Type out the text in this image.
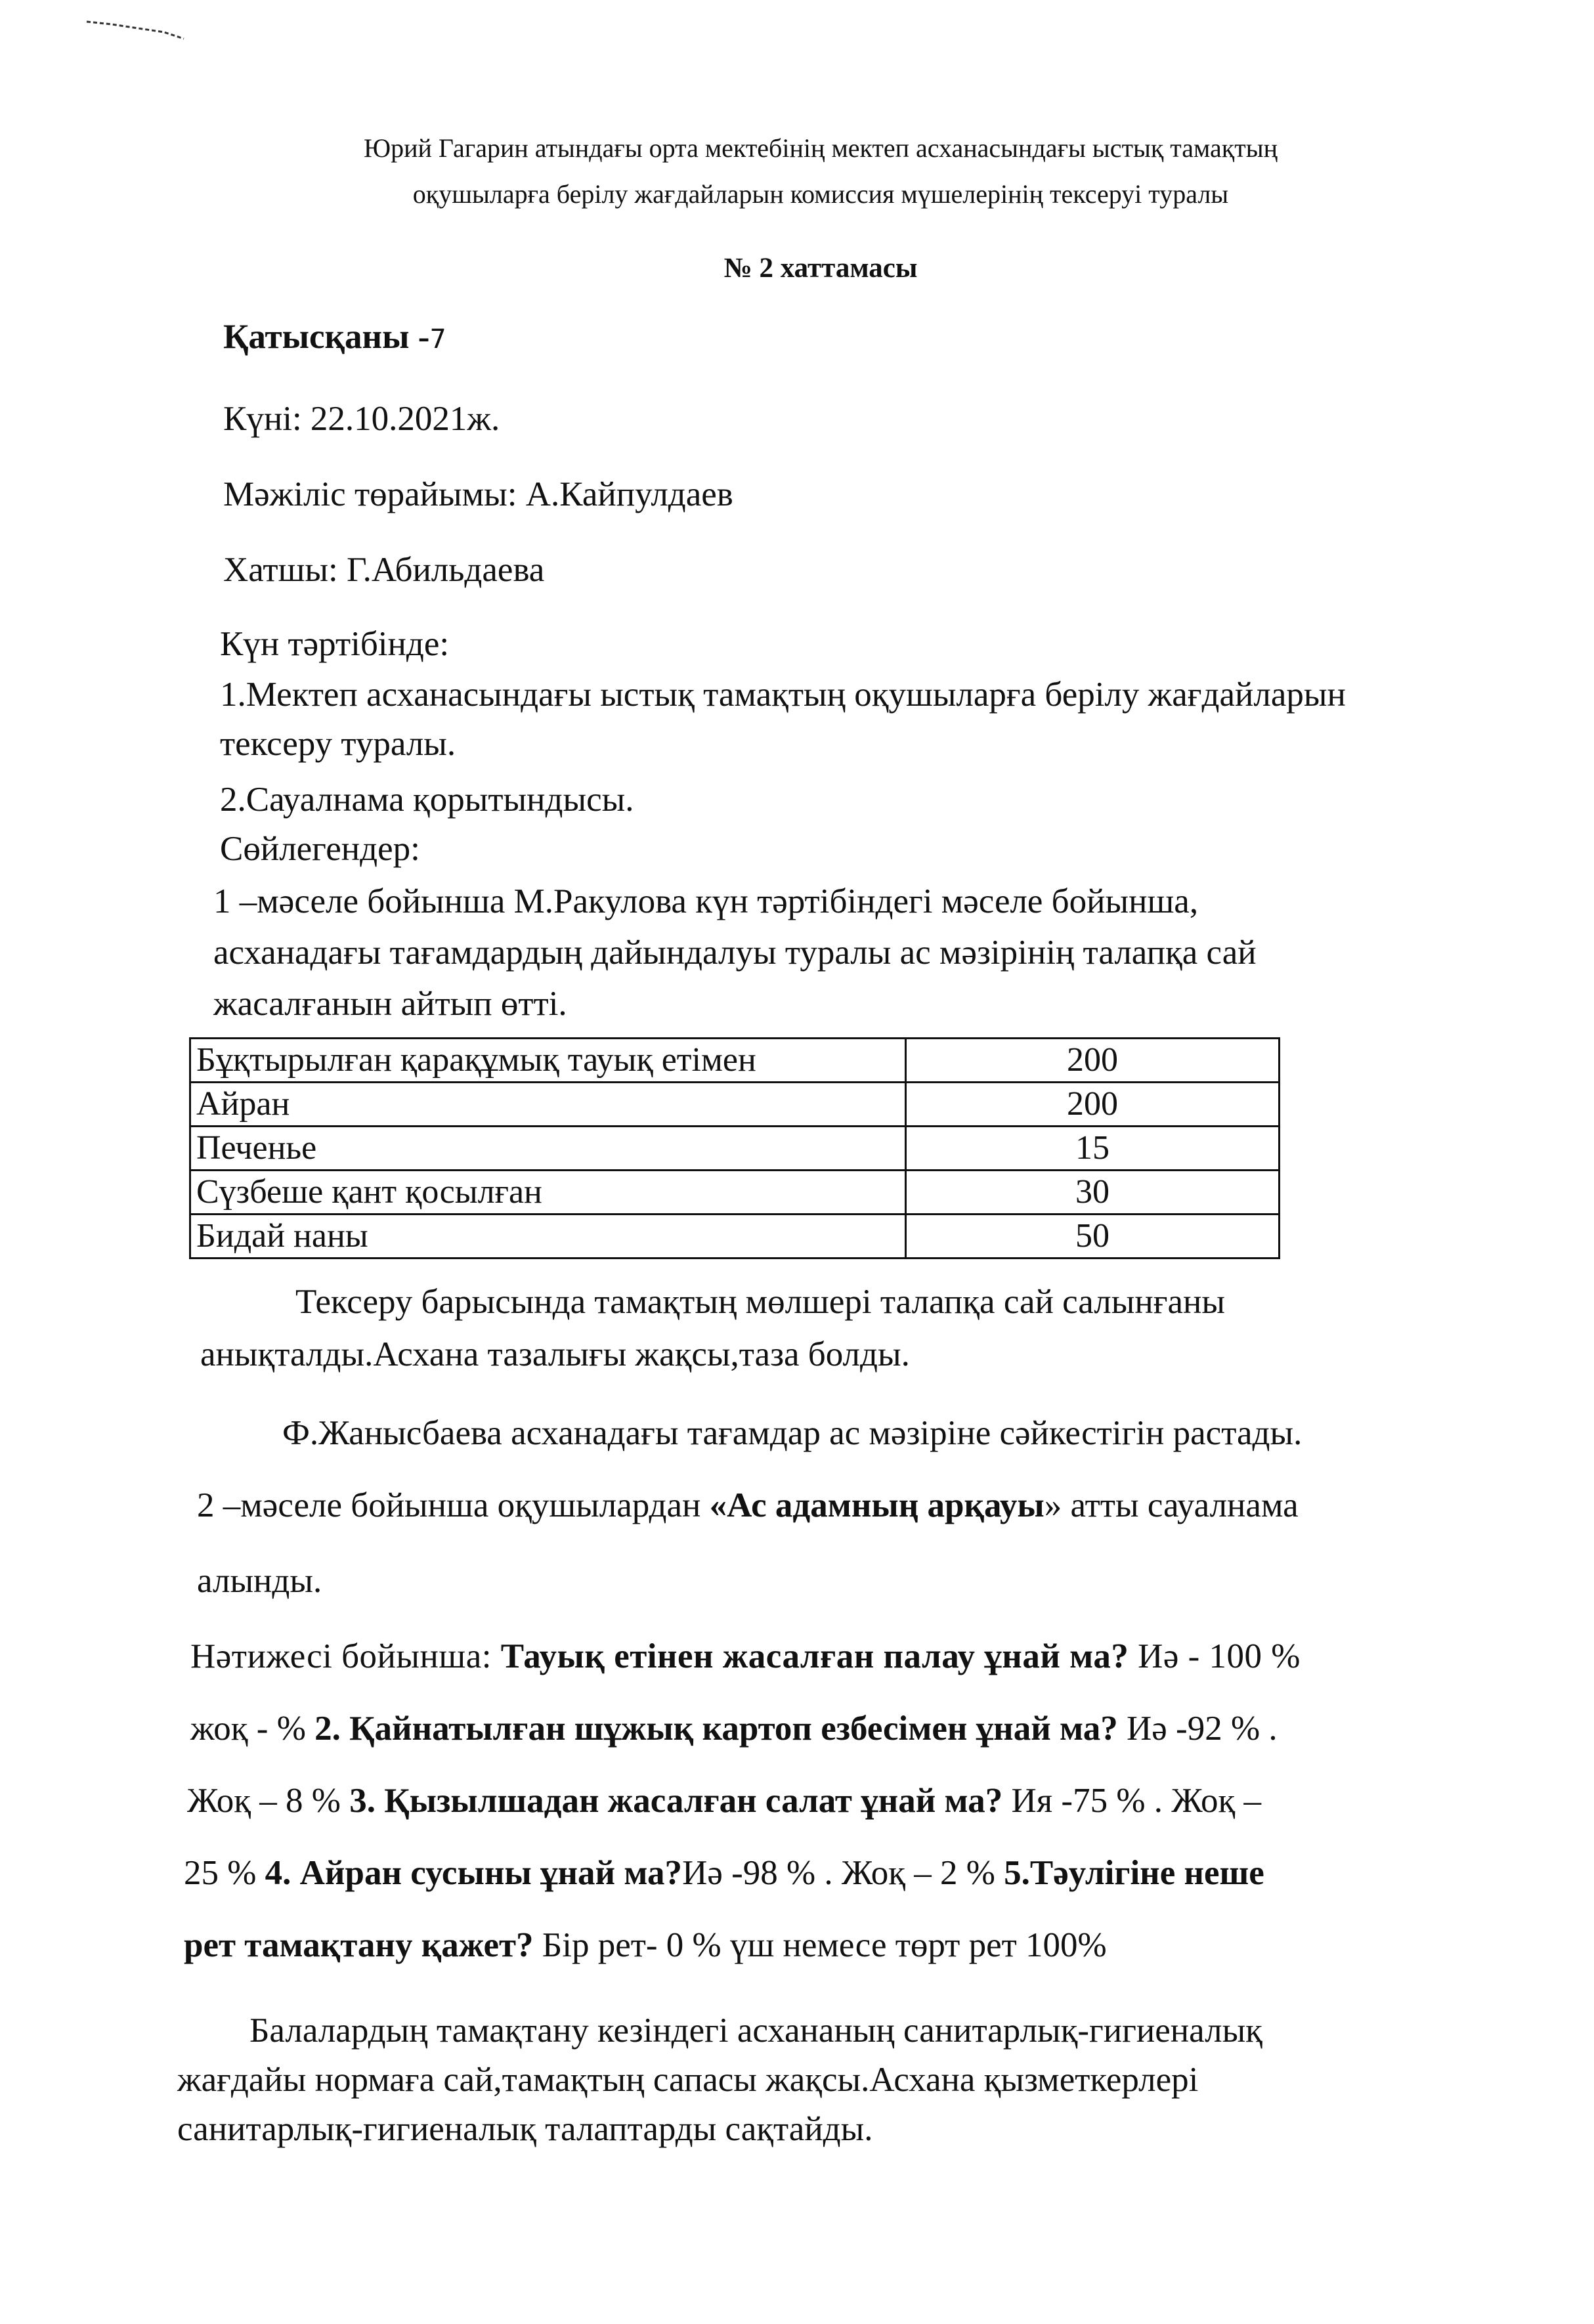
Юрий Гагарин атындағы орта мектебінің мектеп асханасындағы ыстық тамақтың
оқушыларға берілу жағдайларын комиссия мүшелерінің тексеруі туралы
№ 2 хаттамасы
Қатысқаны -7
Күні: 22.10.2021ж.
Мәжіліс төрайымы: А.Кайпулдаев
Хатшы: Г.Абильдаева
Күн тәртібінде:
1.Мектеп асханасындағы ыстық тамақтың оқушыларға берілу жағдайларын
тексеру туралы.
2.Сауалнама қорытындысы.
Сөйлегендер:
1 –мәселе бойынша М.Ракулова күн тәртібіндегі мәселе бойынша,
асханадағы тағамдардың дайындалуы туралы ас мәзірінің талапқа сай
жасалғанын айтып өтті.
Бұқтырылған қарақұмық тауық етімен	200
Айран	200
Печенье	15
Сүзбеше қант қосылған	30
Бидай наны	50
Тексеру барысында тамақтың мөлшері талапқа сай салынғаны
анықталды.Асхана тазалығы жақсы,таза болды.
Ф.Жанысбаева асханадағы тағамдар ас мәзіріне сәйкестігін растады.
2 –мәселе бойынша оқушылардан «Ас адамның арқауы» атты сауалнама
алынды.
Нәтижесі бойынша: Тауық етінен жасалған палау ұнай ма? Иә - 100 %
жоқ - % 2. Қайнатылған шұжық картоп езбесімен ұнай ма? Иә -92 % .
Жоқ – 8 % 3. Қызылшадан жасалған салат ұнай ма? Ия -75 % . Жоқ –
25 % 4. Айран сусыны ұнай ма?Иә -98 % . Жоқ – 2 % 5.Тәулігіне неше
рет тамақтану қажет? Бір рет- 0 % үш немесе төрт рет 100%
Балалардың тамақтану кезіндегі асхананың санитарлық-гигиеналық
жағдайы нормаға сай,тамақтың сапасы жақсы.Асхана қызметкерлері
санитарлық-гигиеналық талаптарды сақтайды.
